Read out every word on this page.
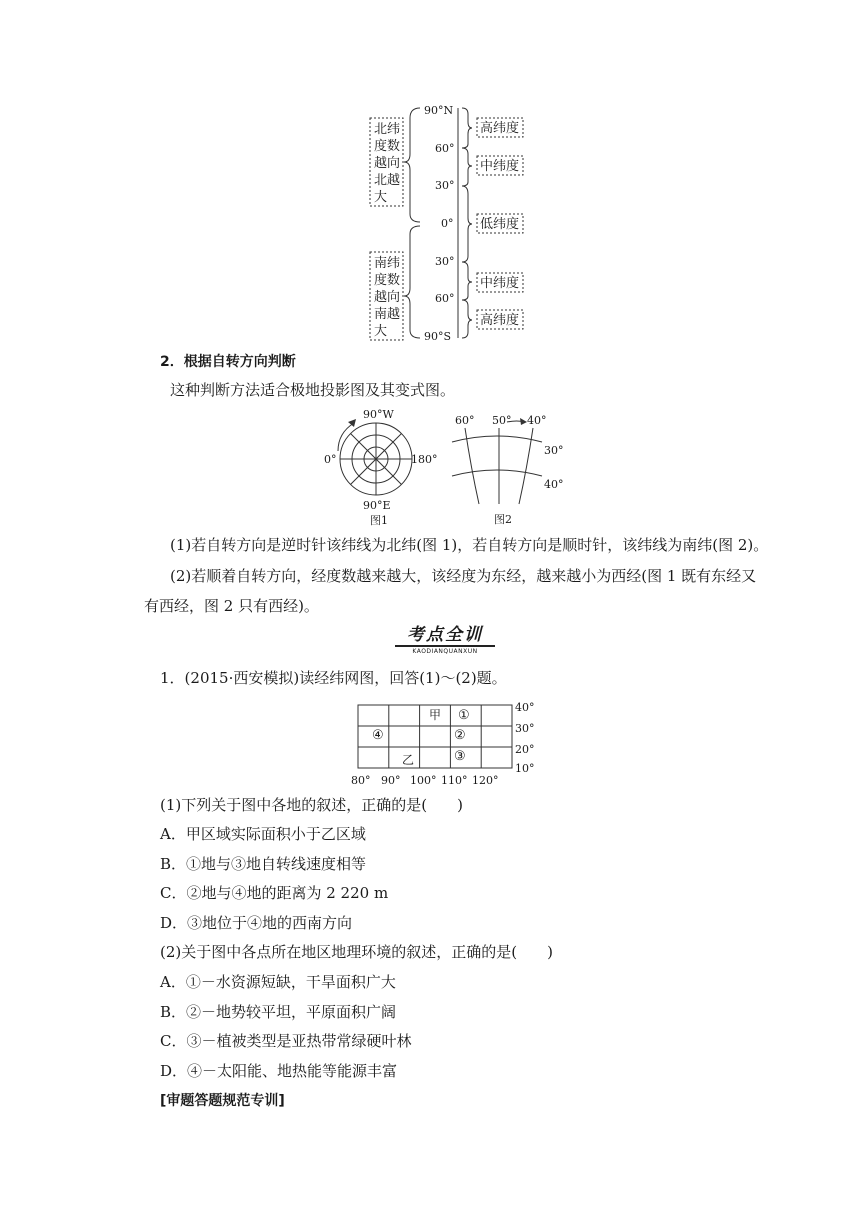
北纬
度数
越向
北越
大
南纬
度数
越向
南越
大
90°N
60°
30°
0°
30°
60°
90°S
高纬度
中纬度
低纬度
中纬度
高纬度
2．根据自转方向判断
这种判断方法适合极地投影图及其变式图。
90°W
0°	180°
90°E
图1
60° 50° 40°
30°
40°
图2
(1)若自转方向是逆时针该纬线为北纬(图 1)，若自转方向是顺时针，该纬线为南纬(图 2)。
(2)若顺着自转方向，经度数越来越大，该经度为东经，越来越小为西经(图 1 既有东经又
有西经，图 2 只有西经)。
考点全训
KAODIANQUANXUN
1．(2015·西安模拟)读经纬网图，回答(1)～(2)题。
甲 ①
④	②
乙	③
40°
30°
20°
10°
80° 90° 100° 110° 120°
(1)下列关于图中各地的叙述，正确的是(　　)
A．甲区域实际面积小于乙区域
B．①地与③地自转线速度相等
C．②地与④地的距离为 2 220 m
D．③地位于④地的西南方向
(2)关于图中各点所在地区地理环境的叙述，正确的是(　　)
A．①－水资源短缺，干旱面积广大
B．②－地势较平坦，平原面积广阔
C．③－植被类型是亚热带常绿硬叶林
D．④－太阳能、地热能等能源丰富
[审题答题规范专训]
